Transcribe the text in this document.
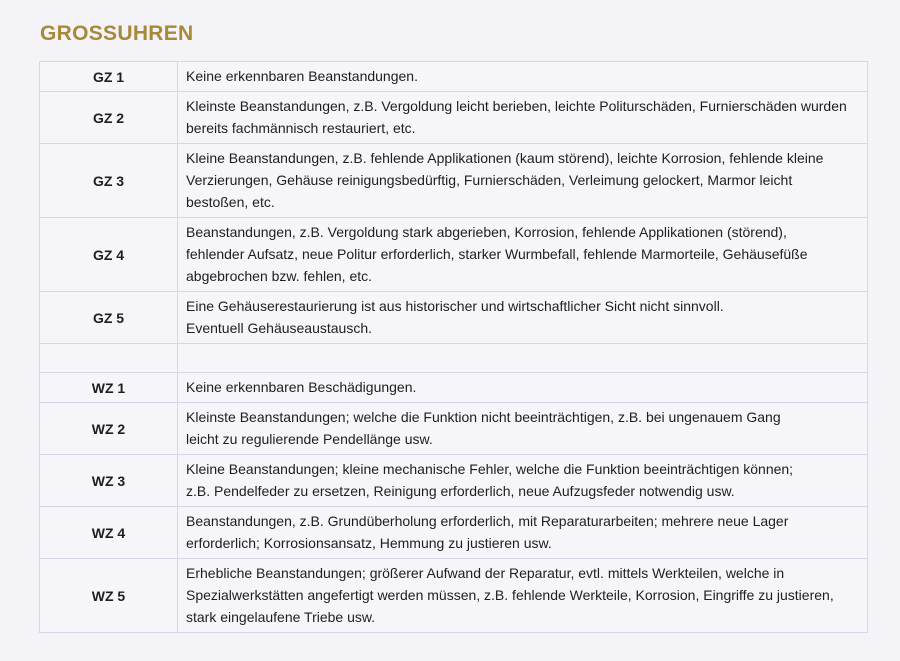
GROSSUHREN
GZ 1	Keine erkennbaren Beanstandungen.
GZ 2	Kleinste Beanstandungen, z.B. Vergoldung leicht berieben, leichte Politurschäden, Furnierschäden wurden
bereits fachmännisch restauriert, etc.
GZ 3	Kleine Beanstandungen, z.B. fehlende Applikationen (kaum störend), leichte Korrosion, fehlende kleine
Verzierungen, Gehäuse reinigungsbedürftig, Furnierschäden, Verleimung gelockert, Marmor leicht
bestoßen, etc.
GZ 4	Beanstandungen, z.B. Vergoldung stark abgerieben, Korrosion, fehlende Applikationen (störend),
fehlender Aufsatz, neue Politur erforderlich, starker Wurmbefall, fehlende Marmorteile, Gehäusefüße
abgebrochen bzw. fehlen, etc.
GZ 5	Eine Gehäuserestaurierung ist aus historischer und wirtschaftlicher Sicht nicht sinnvoll.
Eventuell Gehäuseaustausch.

WZ 1	Keine erkennbaren Beschädigungen.
WZ 2	Kleinste Beanstandungen; welche die Funktion nicht beeinträchtigen, z.B. bei ungenauem Gang
leicht zu regulierende Pendellänge usw.
WZ 3	Kleine Beanstandungen; kleine mechanische Fehler, welche die Funktion beeinträchtigen können;
z.B. Pendelfeder zu ersetzen, Reinigung erforderlich, neue Aufzugsfeder notwendig usw.
WZ 4	Beanstandungen, z.B. Grundüberholung erforderlich, mit Reparaturarbeiten; mehrere neue Lager
erforderlich; Korrosionsansatz, Hemmung zu justieren usw.
WZ 5	Erhebliche Beanstandungen; größerer Aufwand der Reparatur, evtl. mittels Werkteilen, welche in
Spezialwerkstätten angefertigt werden müssen, z.B. fehlende Werkteile, Korrosion, Eingriffe zu justieren,
stark eingelaufene Triebe usw.
